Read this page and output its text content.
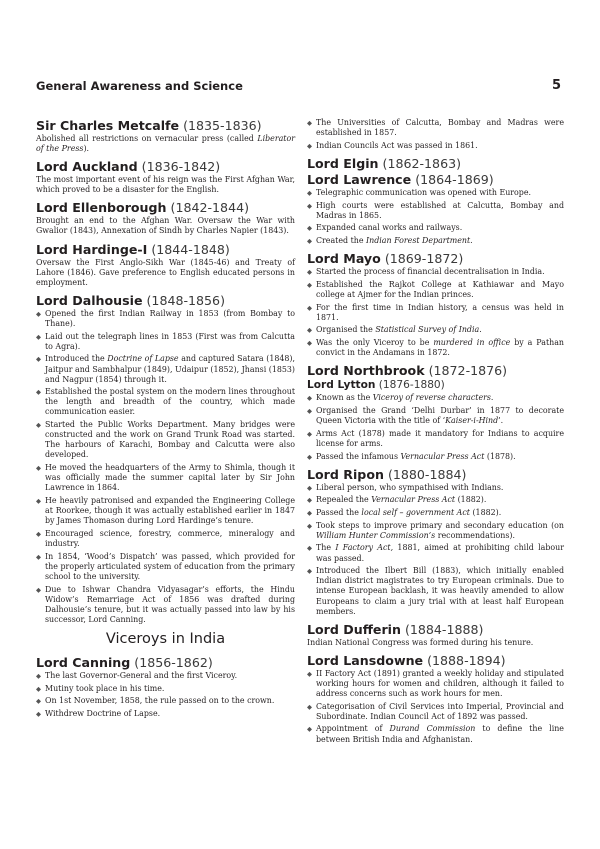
General Awareness and Science	5
Sir Charles Metcalfe (1835-1836)

Abolished all restrictions on vernacular press (called Liberator of the Press).

Lord Auckland (1836-1842)

The most important event of his reign was the First Afghan War, which proved to be a disaster for the English.

Lord Ellenborough (1842-1844)

Brought an end to the Afghan War. Oversaw the War with Gwalior (1843), Annexation of Sindh by Charles Napier (1843).

Lord Hardinge-I (1844-1848)

Oversaw the First Anglo-Sikh War (1845-46) and Treaty of Lahore (1846). Gave preference to English educated persons in employment.

Lord Dalhousie (1848-1856)
◆ Opened the first Indian Railway in 1853 (from Bombay to Thane).
◆ Laid out the telegraph lines in 1853 (First was from Calcutta to Agra).
◆ Introduced the Doctrine of Lapse and captured Satara (1848), Jaitpur and Sambhalpur (1849), Udaipur (1852), Jhansi (1853) and Nagpur (1854) through it.
◆ Established the postal system on the modern lines throughout the length and breadth of the country, which made communication easier.
◆ Started the Public Works Department. Many bridges were constructed and the work on Grand Trunk Road was started. The harbours of Karachi, Bombay and Calcutta were also developed.
◆ He moved the headquarters of the Army to Shimla, though it was officially made the summer capital later by Sir John Lawrence in 1864.
◆ He heavily patronised and expanded the Engineering College at Roorkee, though it was actually established earlier in 1847 by James Thomason during Lord Hardinge’s tenure.
◆ Encouraged science, forestry, commerce, mineralogy and industry.
◆ In 1854, ‘Wood’s Dispatch’ was passed, which provided for the properly articulated system of education from the primary school to the university.
◆ Due to Ishwar Chandra Vidyasagar’s efforts, the Hindu Widow’s Remarriage Act of 1856 was drafted during Dalhousie’s tenure, but it was actually passed into law by his successor, Lord Canning.
Viceroys in India
Lord Canning (1856-1862)
◆ The last Governor-General and the first Viceroy.
◆ Mutiny took place in his time.
◆ On 1st November, 1858, the rule passed on to the crown.
◆ Withdrew Doctrine of Lapse.
◆ The Universities of Calcutta, Bombay and Madras were established in 1857.
◆ Indian Councils Act was passed in 1861.
Lord Elgin (1862-1863)
Lord Lawrence (1864-1869)
◆ Telegraphic communication was opened with Europe.
◆ High courts were established at Calcutta, Bombay and Madras in 1865.
◆ Expanded canal works and railways.
◆ Created the Indian Forest Department.
Lord Mayo (1869-1872)
◆ Started the process of financial decentralisation in India.
◆ Established the Rajkot College at Kathiawar and Mayo college at Ajmer for the Indian princes.
◆ For the first time in Indian history, a census was held in 1871.
◆ Organised the Statistical Survey of India.
◆ Was the only Viceroy to be murdered in office by a Pathan convict in the Andamans in 1872.
Lord Northbrook (1872-1876)
Lord Lytton (1876-1880)
◆ Known as the Viceroy of reverse characters.
◆ Organised the Grand ‘Delhi Durbar’ in 1877 to decorate Queen Victoria with the title of ‘Kaiser-i-Hind’.
◆ Arms Act (1878) made it mandatory for Indians to acquire license for arms.
◆ Passed the infamous Vernacular Press Act (1878).
Lord Ripon (1880-1884)
◆ Liberal person, who sympathised with Indians.
◆ Repealed the Vernacular Press Act (1882).
◆ Passed the local self – government Act (1882).
◆ Took steps to improve primary and secondary education (on William Hunter Commission’s recommendations).
◆ The I Factory Act, 1881, aimed at prohibiting child labour was passed.
◆ Introduced the Ilbert Bill (1883), which initially enabled Indian district magistrates to try European criminals. Due to intense European backlash, it was heavily amended to allow Europeans to claim a jury trial with at least half European members.
Lord Dufferin (1884-1888)

Indian National Congress was formed during his tenure.

Lord Lansdowne (1888-1894)
◆ II Factory Act (1891) granted a weekly holiday and stipulated working hours for women and children, although it failed to address concerns such as work hours for men.
◆ Categorisation of Civil Services into Imperial, Provincial and Subordinate. Indian Council Act of 1892 was passed.
◆ Appointment of Durand Commission to define the line between British India and Afghanistan.
